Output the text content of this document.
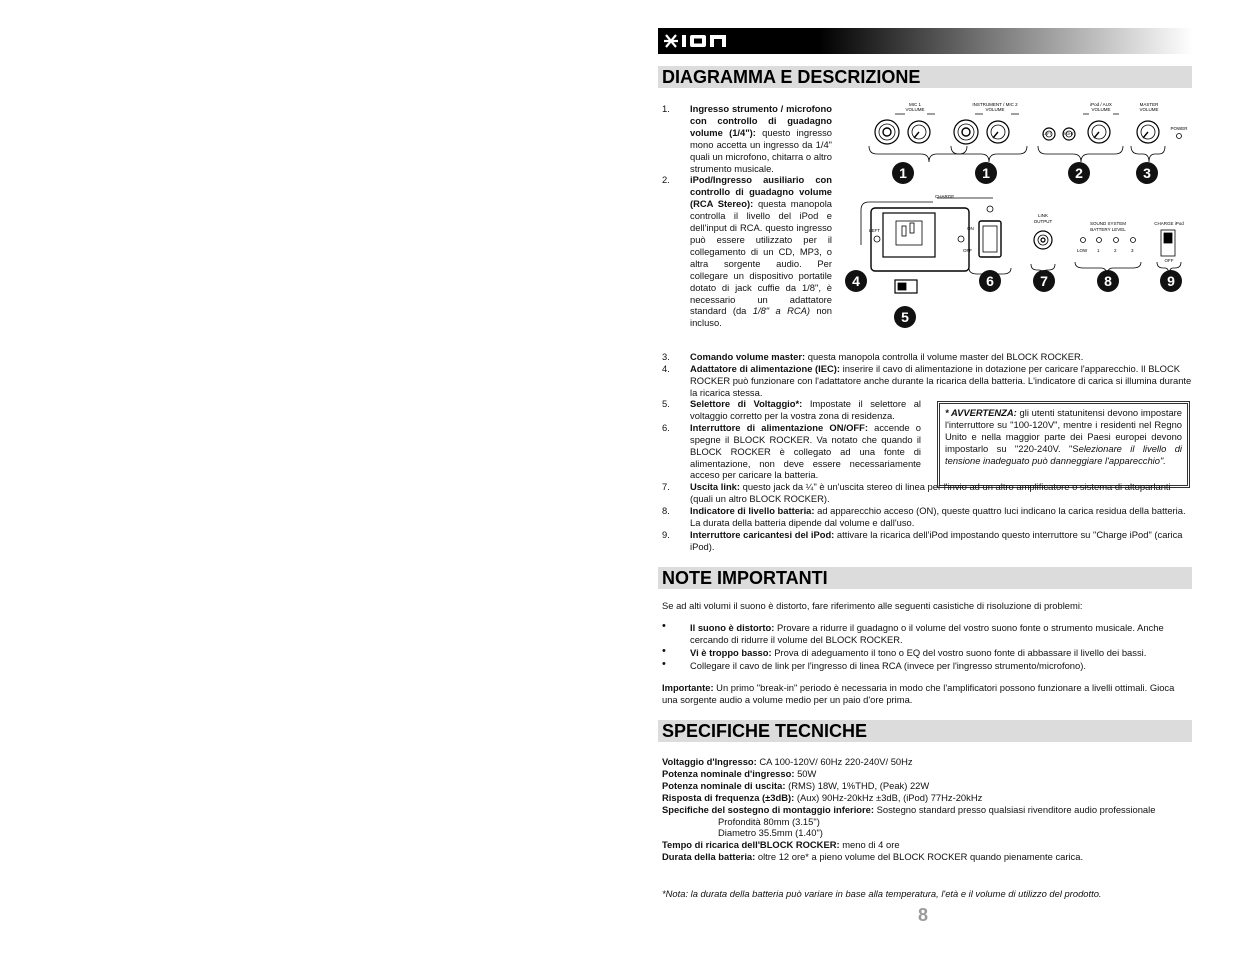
DIAGRAMMA E DESCRIZIONE
1. Ingresso strumento / microfono con controllo di guadagno volume (1/4"): questo ingresso mono accetta un ingresso da 1/4" quali un microfono, chitarra o altro strumento musicale.
2. iPod/Ingresso ausiliario con controllo di guadagno volume (RCA Stereo): questa manopola controlla il livello del iPod e dell'input di RCA. questo ingresso può essere utilizzato per il collegamento di un CD, MP3, o altra sorgente audio. Per collegare un dispositivo portatile dotato di jack cuffie da 1/8", è necessario un adattatore standard (da 1/8" a RCA) non incluso.
MIC 1
VOLUME
INSTRUMENT / MIC 2
VOLUME
iPod / AUX
VOLUME
MASTER
VOLUME
POWER
LEFT
CHARGE
ON
OFF
LINK
OUTPUT	SOUND SYSTEM
BATTERY LEVEL
LOW 1	2	3
CHARGE iPod
OFF
LEFT	RIGHT
1	1	2	3
4
5
6	7	8	9
3. Comando volume master: questa manopola controlla il volume master del BLOCK ROCKER.
4. Adattatore di alimentazione (IEC): inserire il cavo di alimentazione in dotazione per caricare l'apparecchio. Il BLOCK ROCKER può funzionare con l'adattatore anche durante la ricarica della batteria. L'indicatore di carica si illumina durante la ricarica stessa.
5. Selettore di Voltaggio*: Impostate il selettore al voltaggio corretto per la vostra zona di residenza.
6. Interruttore di alimentazione ON/OFF: accende o spegne il BLOCK ROCKER. Va notato che quando il BLOCK ROCKER è collegato ad una fonte di alimentazione, non deve essere necessariamente acceso per caricare la batteria.
* AVVERTENZA: gli utenti statunitensi devono impostare l'interruttore su "100-120V", mentre i residenti nel Regno Unito e nella maggior parte dei Paesi europei devono impostarlo su "220-240V. "Selezionare il livello di tensione inadeguato può danneggiare l'apparecchio".
7. Uscita link: questo jack da ¼" è un'uscita stereo di linea per l'invio ad un altro amplificatore o sistema di altoparlanti (quali un altro BLOCK ROCKER).
8. Indicatore di livello batteria: ad apparecchio acceso (ON), queste quattro luci indicano la carica residua della batteria. La durata della batteria dipende dal volume e dall'uso.
9. Interruttore caricantesi del iPod: attivare la ricarica dell'iPod impostando questo interruttore su "Charge iPod" (carica iPod).
NOTE IMPORTANTI
Se ad alti volumi il suono è distorto, fare riferimento alle seguenti casistiche di risoluzione di problemi:
•	Il suono è distorto: Provare a ridurre il guadagno o il volume del vostro suono fonte o strumento musicale. Anche cercando di ridurre il volume del BLOCK ROCKER.
•	Vi è troppo basso: Prova di adeguamento il tono o EQ del vostro suono fonte di abbassare il livello dei bassi.
•	Collegare il cavo de link per l'ingresso di linea RCA (invece per l'ingresso strumento/microfono).
Importante: Un primo "break-in" periodo è necessaria in modo che l'amplificatori possono funzionare a livelli ottimali. Gioca una sorgente audio a volume medio per un paio d'ore prima.
SPECIFICHE TECNICHE
Voltaggio d'Ingresso: CA 100-120V/ 60Hz 220-240V/ 50Hz
Potenza nominale d'ingresso: 50W
Potenza nominale di uscita: (RMS) 18W, 1%THD, (Peak) 22W
Risposta di frequenza (±3dB): (Aux) 90Hz-20kHz ±3dB, (iPod) 77Hz-20kHz
Specifiche del sostegno di montaggio inferiore: Sostegno standard presso qualsiasi rivenditore audio professionale
Profondità 80mm (3.15")
Diametro 35.5mm (1.40")
Tempo di ricarica dell'BLOCK ROCKER: meno di 4 ore
Durata della batteria: oltre 12 ore* a pieno volume del BLOCK ROCKER quando pienamente carica.
*Nota: la durata della batteria può variare in base alla temperatura, l'età e il volume di utilizzo del prodotto.
8
